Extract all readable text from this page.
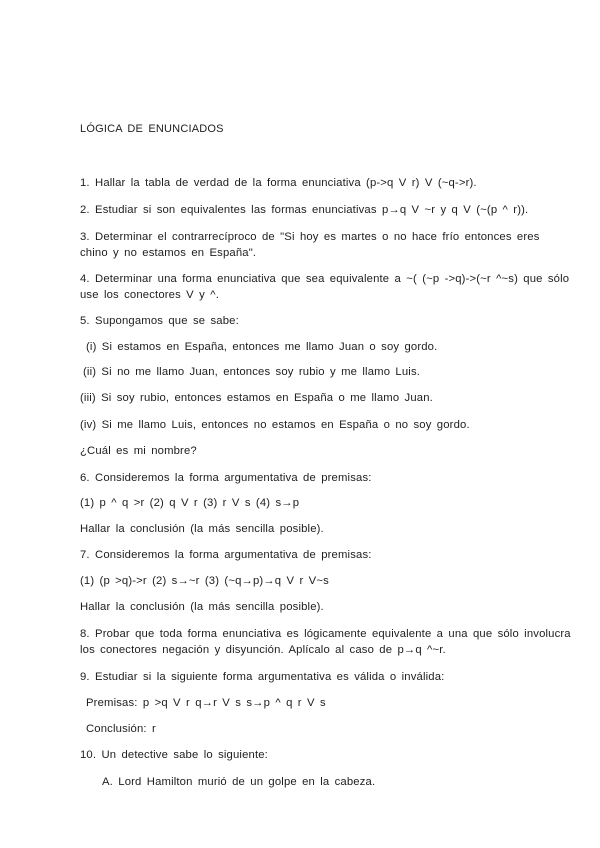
LÓGICA DE ENUNCIADOS
1. Hallar la tabla de verdad de la forma enunciativa (p->q V r) V (~q->r).
2. Estudiar si son equivalentes las formas enunciativas p→q V ~r y q V (~(p ^ r)).
3. Determinar el contrarrecíproco de "Si hoy es martes o no hace frío entonces eres
chino y no estamos en España".
4. Determinar una forma enunciativa que sea equivalente a ~( (~p ->q)->(~r ^~s) que sólo
use los conectores V y ^.
5. Supongamos que se sabe:
(i) Si estamos en España, entonces me llamo Juan o soy gordo.
(ii) Si no me llamo Juan, entonces soy rubio y me llamo Luis.
(iii) Si soy rubio, entonces estamos en España o me llamo Juan.
(iv) Si me llamo Luis, entonces no estamos en España o no soy gordo.
¿Cuál es mi nombre?
6. Consideremos la forma argumentativa de premisas:
(1) p ^ q >r (2) q V r (3) r V s (4) s→p
Hallar la conclusión (la más sencilla posible).
7. Consideremos la forma argumentativa de premisas:
(1) (p >q)->r (2) s→~r (3) (~q→p)→q V r V~s
Hallar la conclusión (la más sencilla posible).
8. Probar que toda forma enunciativa es lógicamente equivalente a una que sólo involucra
los conectores negación y disyunción. Aplícalo al caso de p→q ^~r.
9. Estudiar si la siguiente forma argumentativa es válida o inválida:
Premisas: p >q V r q→r V s s→p ^ q r V s
Conclusión: r
10. Un detective sabe lo siguiente:
A. Lord Hamilton murió de un golpe en la cabeza.
